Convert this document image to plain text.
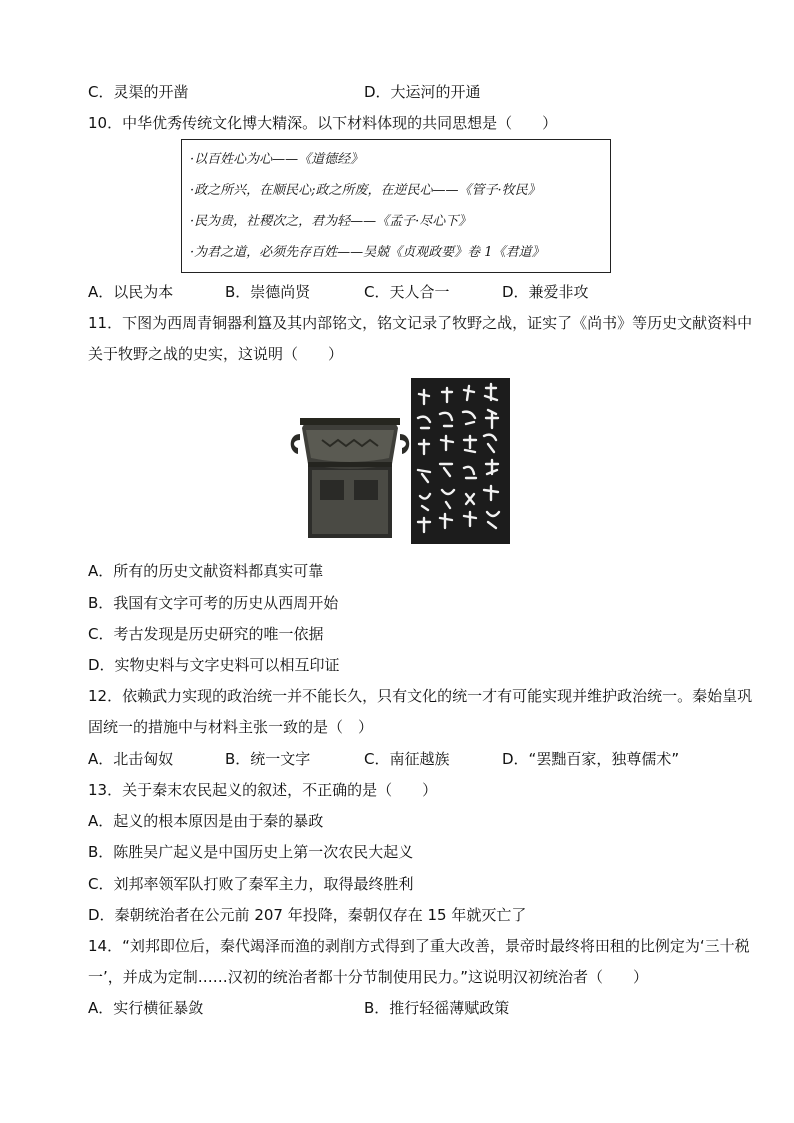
C．灵渠的开凿	D．大运河的开通
10．中华优秀传统文化博大精深。以下材料体现的共同思想是（　　）
·以百姓心为心——《道德经》
·政之所兴，在顺民心;政之所废，在逆民心——《管子·牧民》
·民为贵，社稷次之，君为轻——《孟子·尽心下》
·为君之道，必须先存百姓——吴兢《贞观政要》卷 1《君道》
A．以民为本	B．崇德尚贤	C．天人合一	D．兼爱非攻
11．下图为西周青铜器利簋及其内部铭文，铭文记录了牧野之战，证实了《尚书》等历史文献资料中
关于牧野之战的史实，这说明（　　）
A．所有的历史文献资料都真实可靠
B．我国有文字可考的历史从西周开始
C．考古发现是历史研究的唯一依据
D．实物史料与文字史料可以相互印证
12．依赖武力实现的政治统一并不能长久，只有文化的统一才有可能实现并维护政治统一。秦始皇巩
固统一的措施中与材料主张一致的是（　）
A．北击匈奴	B．统一文字	C．南征越族	D．“罢黜百家，独尊儒术”
13．关于秦末农民起义的叙述，不正确的是（　　）
A．起义的根本原因是由于秦的暴政
B．陈胜吴广起义是中国历史上第一次农民大起义
C．刘邦率领军队打败了秦军主力，取得最终胜利
D．秦朝统治者在公元前 207 年投降，秦朝仅存在 15 年就灭亡了
14．“刘邦即位后，秦代竭泽而渔的剥削方式得到了重大改善，景帝时最终将田租的比例定为‘三十税
一’，并成为定制……汉初的统治者都十分节制使用民力。”这说明汉初统治者（　　）
A．实行横征暴敛	B．推行轻徭薄赋政策
